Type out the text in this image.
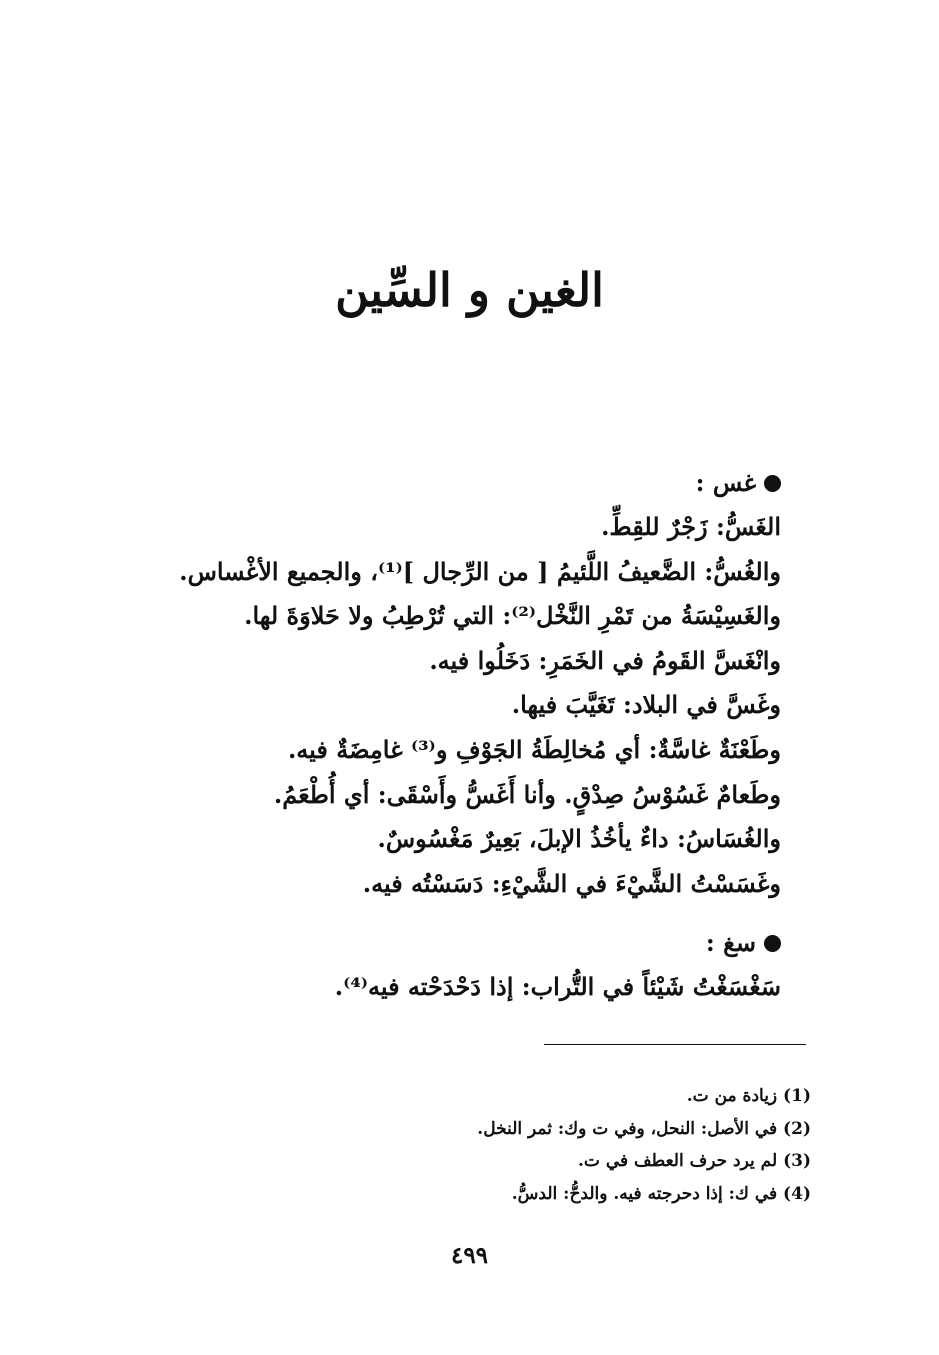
الغين و السِّين
غس :
الغَسُّ: زَجْرٌ للقِطِّ.
والغُسُّ: الضَّعيفُ اللَّئيمُ [ من الرِّجال ]⁽¹⁾، والجميع الأغْساس.
والغَسِيْسَةُ من تَمْرِ النَّخْل⁽²⁾: التي تُرْطِبُ ولا حَلاوَةَ لها.
وانْغَسَّ القَومُ في الخَمَرِ: دَخَلُوا فيه.
وغَسَّ في البلاد: تَغَيَّبَ فيها.
وطَعْنَةٌ غاسَّةٌ: أي مُخالِطَةُ الجَوْفِ و⁽³⁾ غامِضَةٌ فيه.
وطَعامٌ غَسُوْسُ صِدْقٍ. وأنا أَغَسُّ وأَسْقَى: أي أُطْعَمُ.
والغُسَاسُ: داءٌ يأخُذُ الإبلَ، بَعِيرٌ مَغْسُوسٌ.
وغَسَسْتُ الشَّيْءَ في الشَّيْءِ: دَسَسْتُه فيه.
سغ :
سَغْسَغْتُ شَيْئاً في التُّراب: إذا دَحْدَحْته فيه⁽⁴⁾.
(1) زيادة من ت.
(2) في الأصل: النحل، وفي ت وك: ثمر النخل.
(3) لم يرد حرف العطف في ت.
(4) في ك: إذا دحرجته فيه. والدحُّ: الدسُّ.
٤٩٩
